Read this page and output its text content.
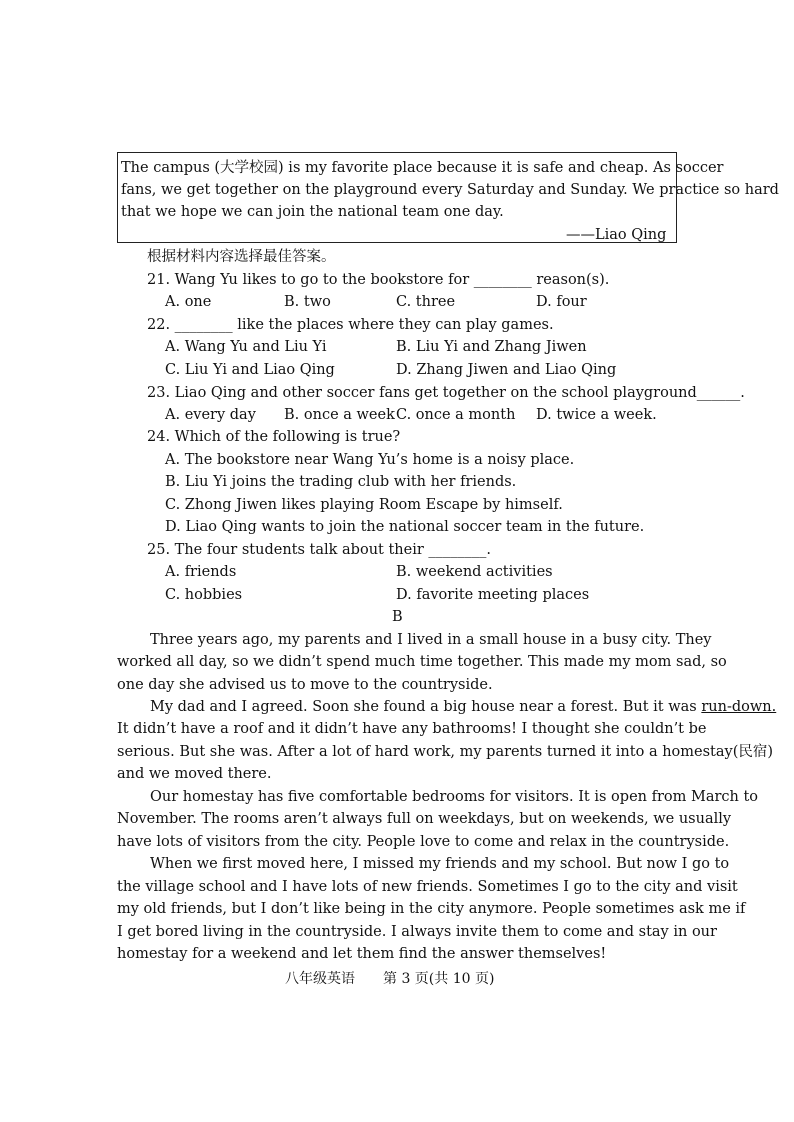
The campus (大学校园) is my favorite place because it is safe and cheap. As soccer
fans, we get together on the playground every Saturday and Sunday. We practice so hard
that we hope we can join the national team one day.
——Liao Qing
根据材料内容选择最佳答案。
21. Wang Yu likes to go to the bookstore for ________ reason(s).
A. one	B. two	C. three	D. four
22. ________ like the places where they can play games.
A. Wang Yu and Liu Yi	B. Liu Yi and Zhang Jiwen
C. Liu Yi and Liao Qing	D. Zhang Jiwen and Liao Qing
23. Liao Qing and other soccer fans get together on the school playground______.
A. every day B. once a week C. once a month D. twice a week.
24. Which of the following is true?
A. The bookstore near Wang Yu’s home is a noisy place.
B. Liu Yi joins the trading club with her friends.
C. Zhong Jiwen likes playing Room Escape by himself.
D. Liao Qing wants to join the national soccer team in the future.
25. The four students talk about their ________.
A. friends	B. weekend activities
C. hobbies	D. favorite meeting places
B
Three years ago, my parents and I lived in a small house in a busy city. They
worked all day, so we didn’t spend much time together. This made my mom sad, so
one day she advised us to move to the countryside.
My dad and I agreed. Soon she found a big house near a forest. But it was run-down.
It didn’t have a roof and it didn’t have any bathrooms! I thought she couldn’t be
serious. But she was. After a lot of hard work, my parents turned it into a homestay(民宿)
and we moved there.
Our homestay has five comfortable bedrooms for visitors. It is open from March to
November. The rooms aren’t always full on weekdays, but on weekends, we usually
have lots of visitors from the city. People love to come and relax in the countryside.
When we first moved here, I missed my friends and my school. But now I go to
the village school and I have lots of new friends. Sometimes I go to the city and visit
my old friends, but I don’t like being in the city anymore. People sometimes ask me if
I get bored living in the countryside. I always invite them to come and stay in our
homestay for a weekend and let them find the answer themselves!
八年级英语　　第 3 页(共 10 页)
